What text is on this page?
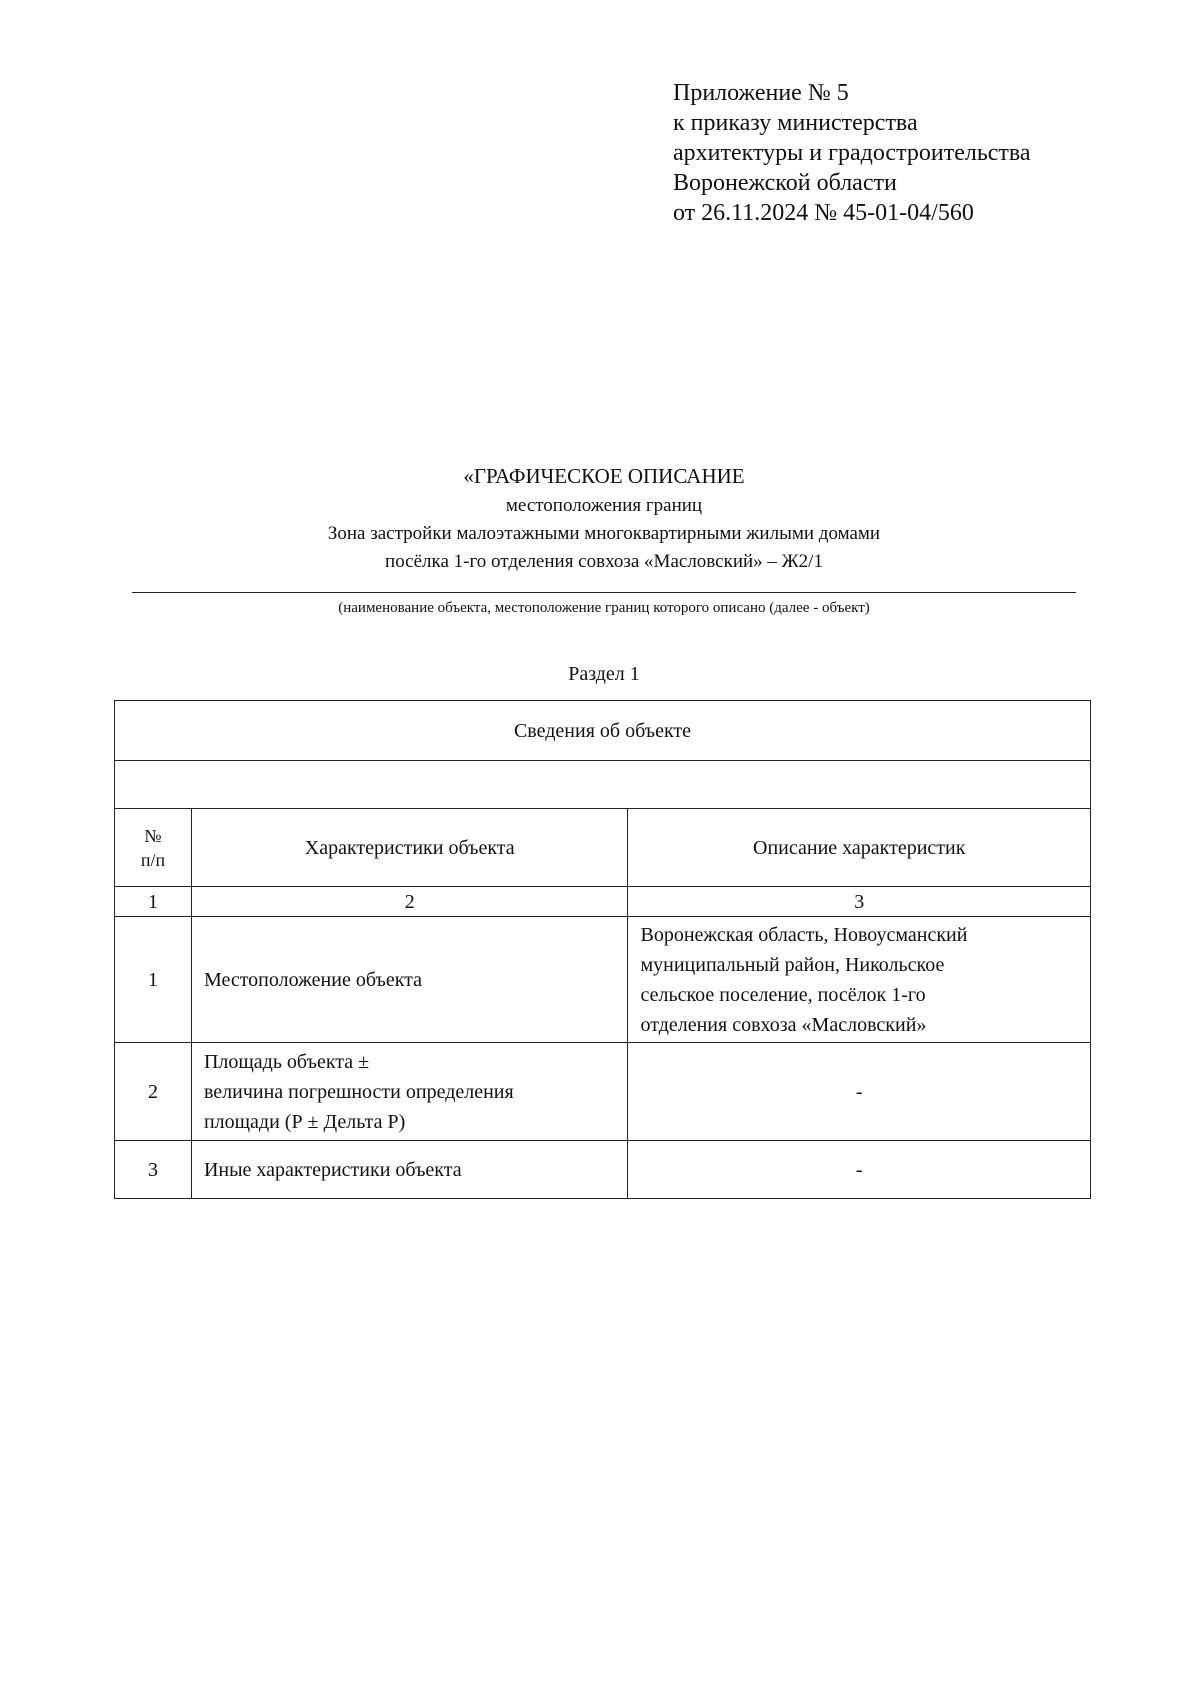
Приложение № 5
к приказу министерства
архитектуры и градостроительства
Воронежской области
от 26.11.2024 № 45-01-04/560
«ГРАФИЧЕСКОЕ ОПИСАНИЕ
местоположения границ
Зона застройки малоэтажными многоквартирными жилыми домами
посёлка 1-го отделения совхоза «Масловский» – Ж2/1
(наименование объекта, местоположение границ которого описано (далее - объект)
Раздел 1
Сведения об объекте		

№
п/п	Характеристики объекта	Описание характеристик
1	2	3
1	Местоположение объекта	Воронежская область, Новоусманский
муниципальный район, Никольское
сельское поселение, посёлок 1-го
отделения совхоза «Масловский»

2	Площадь объекта ±
величина погрешности определения
площади (Р ± Дельта Р)	-

3	Иные характеристики объекта	-
